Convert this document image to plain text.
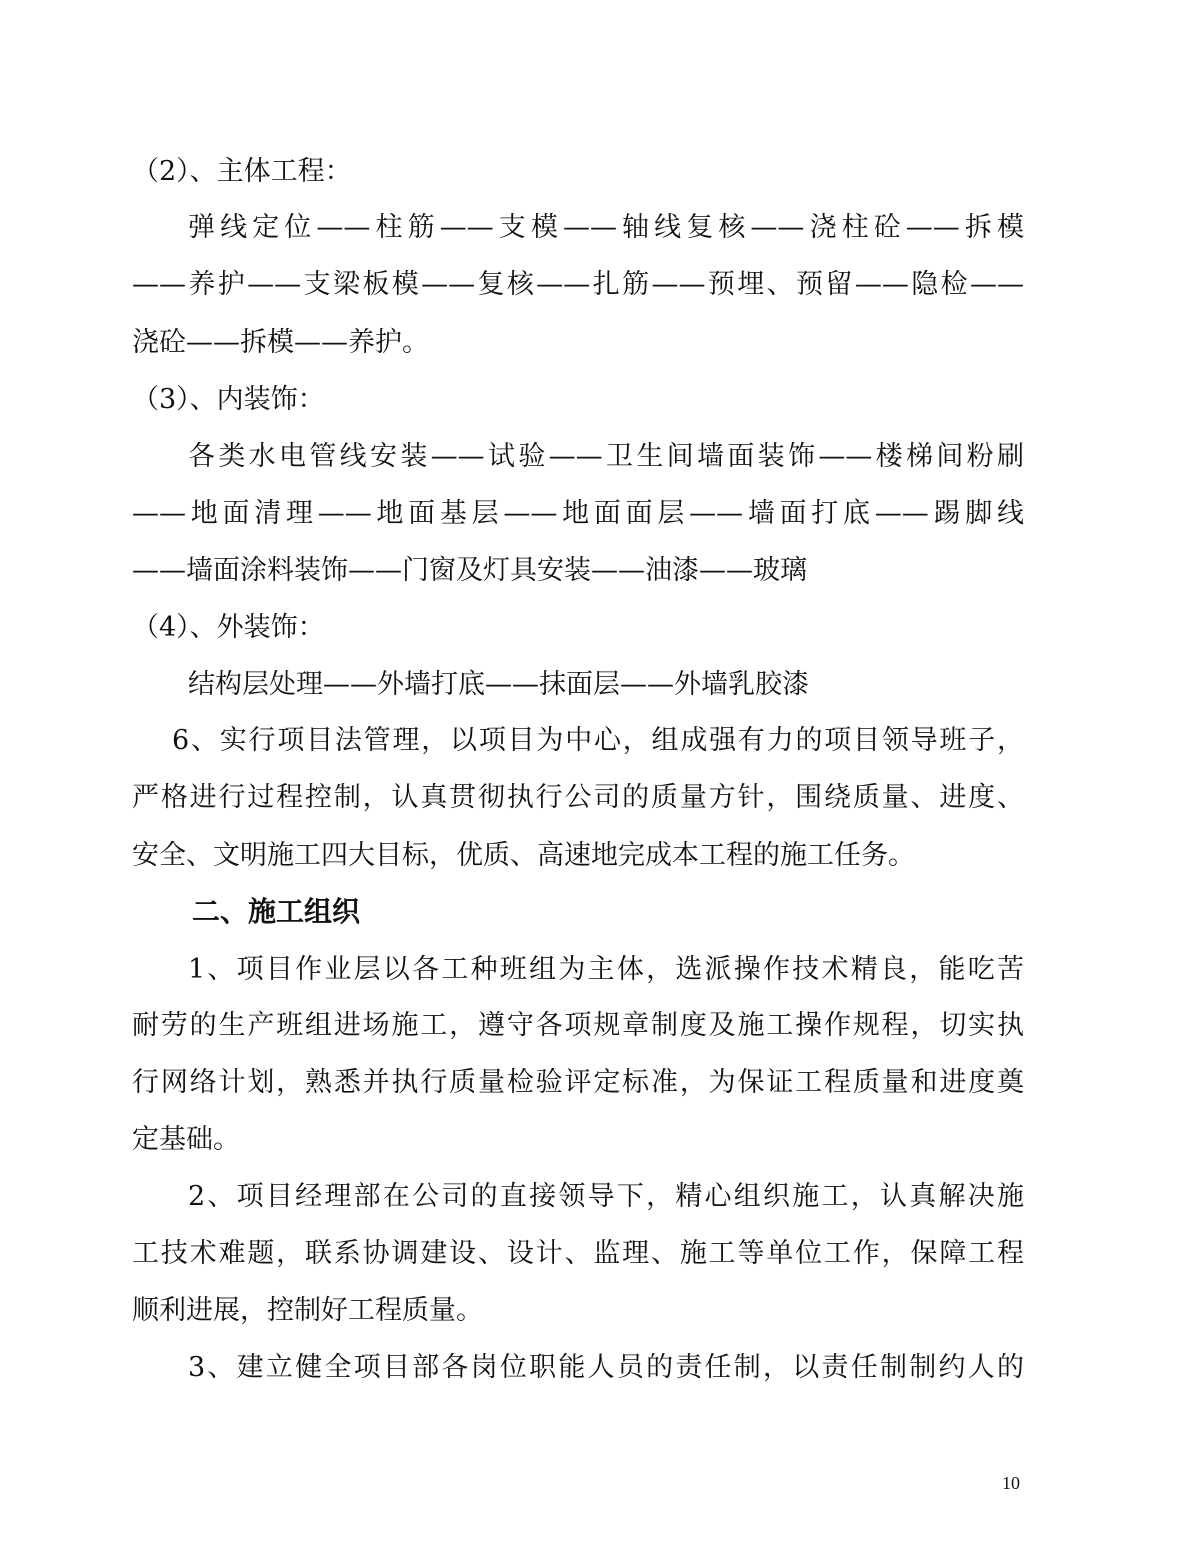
（2）、主体工程：
弹线定位——柱筋——支模——轴线复核——浇柱砼——拆模
——养护——支梁板模——复核——扎筋——预埋、预留——隐检——
浇砼——拆模——养护。
（3）、内装饰：
各类水电管线安装——试验——卫生间墙面装饰——楼梯间粉刷
——地面清理——地面基层——地面面层——墙面打底——踢脚线
——墙面涂料装饰——门窗及灯具安装——油漆——玻璃
（4）、外装饰：
结构层处理——外墙打底——抹面层——外墙乳胶漆
6、实行项目法管理，以项目为中心，组成强有力的项目领导班子，
严格进行过程控制，认真贯彻执行公司的质量方针，围绕质量、进度、
安全、文明施工四大目标，优质、高速地完成本工程的施工任务。
二、施工组织
1、项目作业层以各工种班组为主体，选派操作技术精良，能吃苦
耐劳的生产班组进场施工，遵守各项规章制度及施工操作规程，切实执
行网络计划，熟悉并执行质量检验评定标准，为保证工程质量和进度奠
定基础。
2、项目经理部在公司的直接领导下，精心组织施工，认真解决施
工技术难题，联系协调建设、设计、监理、施工等单位工作，保障工程
顺利进展，控制好工程质量。
3、建立健全项目部各岗位职能人员的责任制，以责任制制约人的
10
